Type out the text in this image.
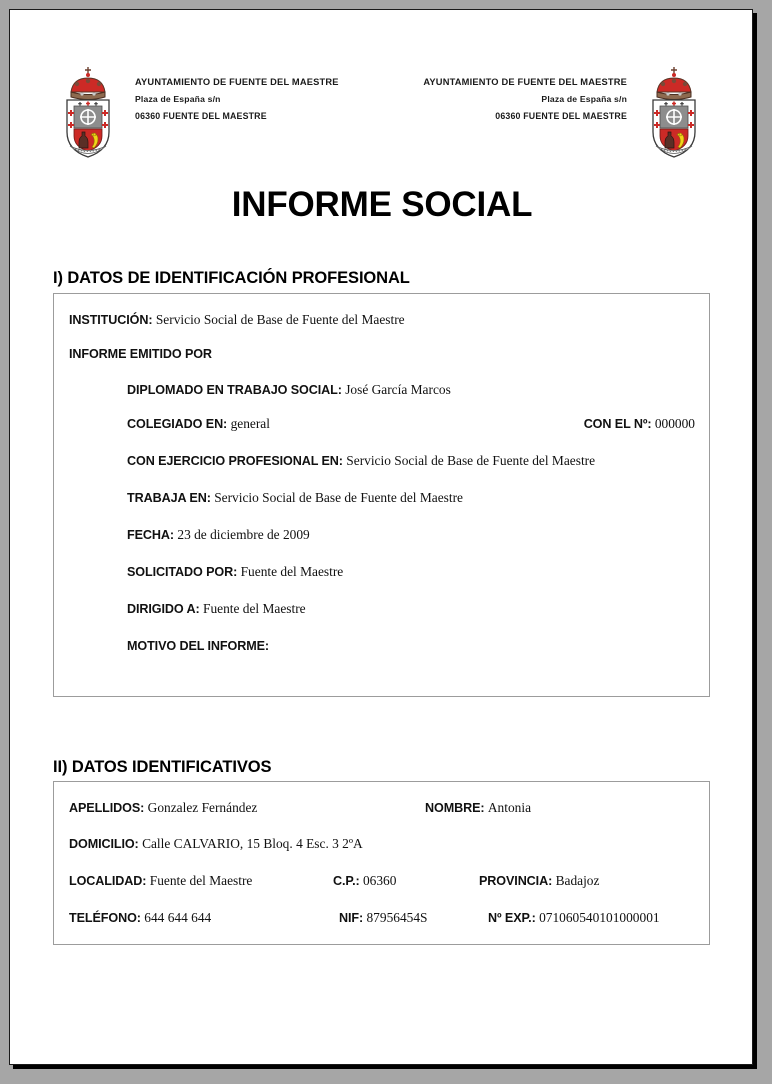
AYUNTAMIENTO DE FUENTE DEL MAESTRE
Plaza de España s/n
06360 FUENTE DEL MAESTRE
AYUNTAMIENTO DE FUENTE DEL MAESTRE
Plaza de España s/n
06360 FUENTE DEL MAESTRE
INFORME SOCIAL
I) DATOS DE IDENTIFICACIÓN PROFESIONAL
INSTITUCIÓN: Servicio Social de Base de Fuente del Maestre
INFORME EMITIDO POR
DIPLOMADO EN TRABAJO SOCIAL: José García Marcos
COLEGIADO EN: general	CON EL Nº: 000000
CON EJERCICIO PROFESIONAL EN: Servicio Social de Base de Fuente del Maestre
TRABAJA EN: Servicio Social de Base de Fuente del Maestre
FECHA: 23 de diciembre de 2009
SOLICITADO POR: Fuente del Maestre
DIRIGIDO A: Fuente del Maestre
MOTIVO DEL INFORME:
II) DATOS IDENTIFICATIVOS
APELLIDOS: Gonzalez Fernández	NOMBRE: Antonia
DOMICILIO: Calle CALVARIO, 15 Bloq. 4 Esc. 3 2ºA
LOCALIDAD: Fuente del Maestre	C.P.: 06360	PROVINCIA: Badajoz
TELÉFONO: 644 644 644	NIF: 87956454S	Nº EXP.: 071060540101000001
